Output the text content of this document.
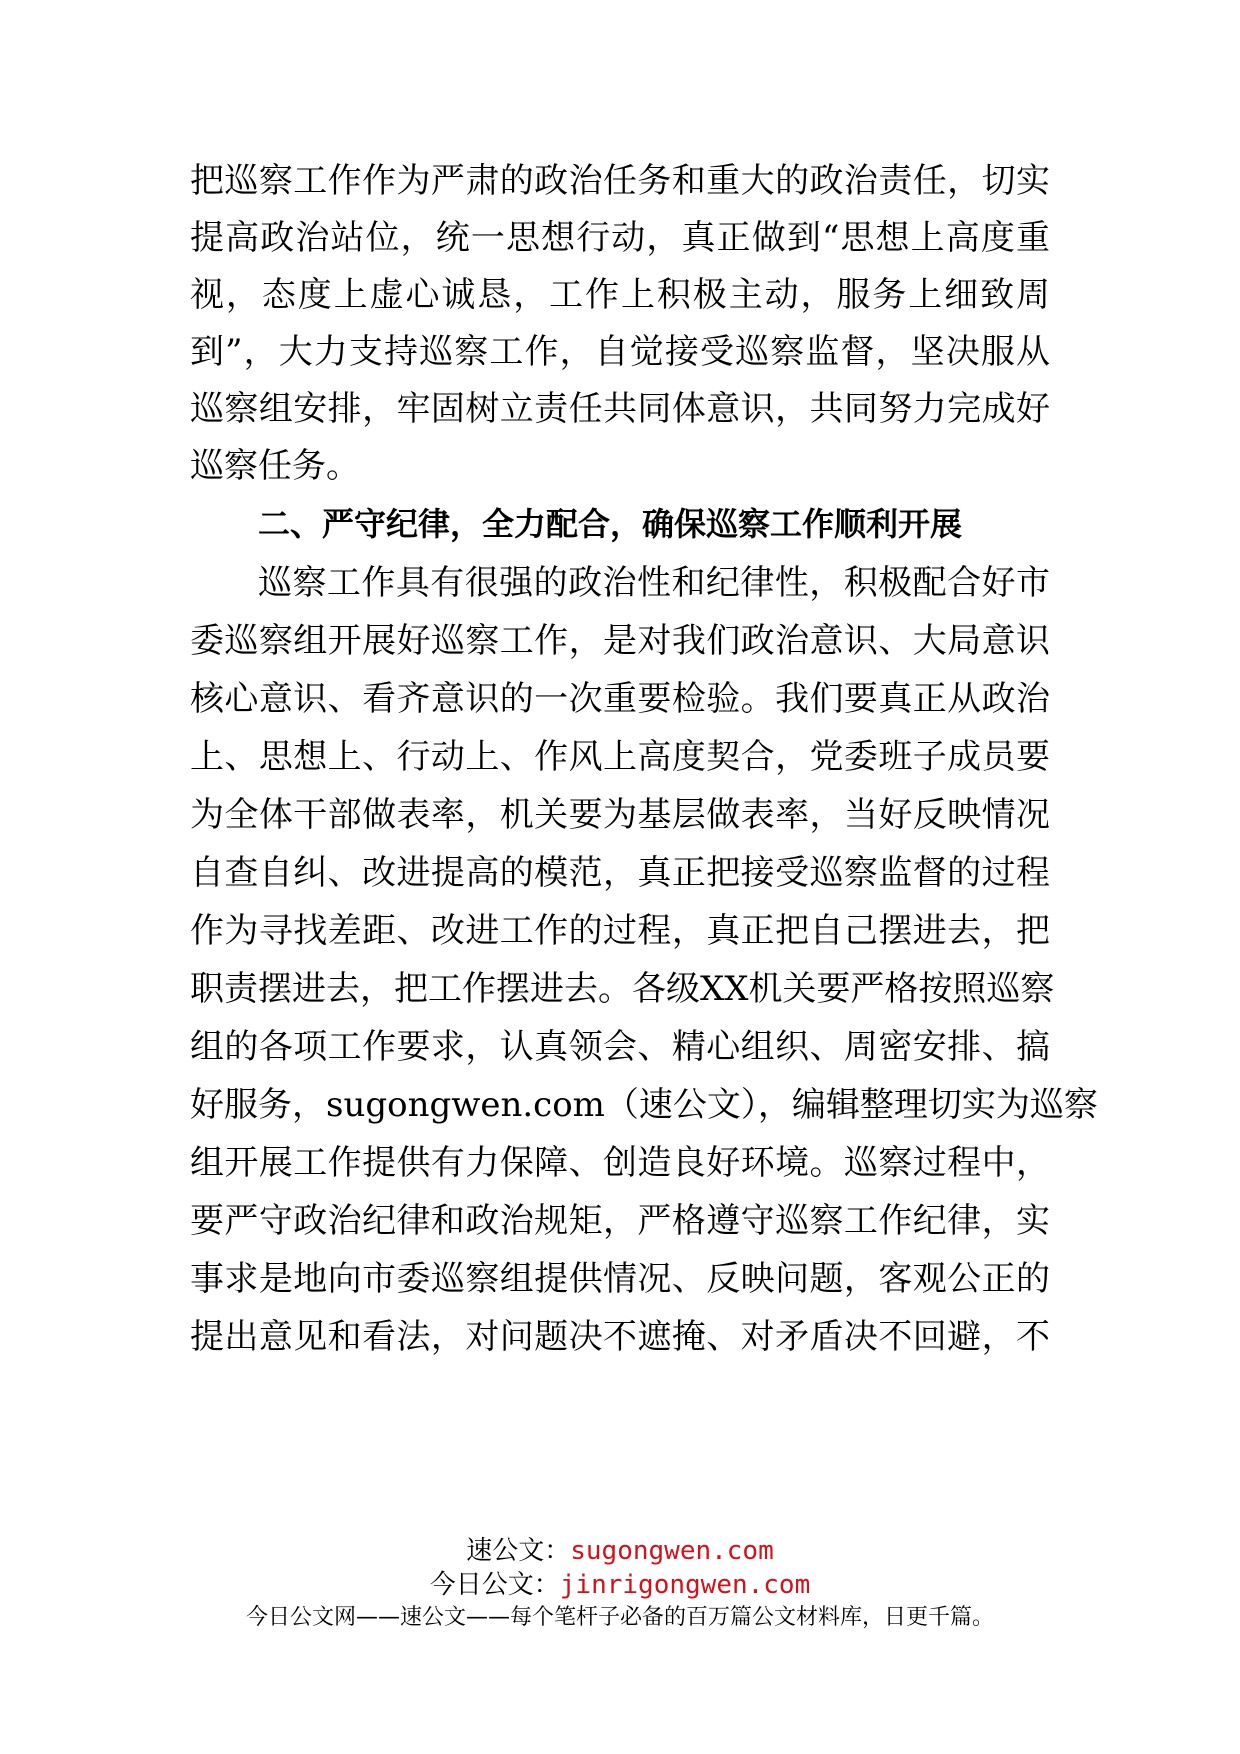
把巡察工作作为严肃的政治任务和重大的政治责任，切实
提高政治站位，统一思想行动，真正做到“思想上高度重
视，态度上虚心诚恳，工作上积极主动，服务上细致周
到”，大力支持巡察工作，自觉接受巡察监督，坚决服从
巡察组安排，牢固树立责任共同体意识，共同努力完成好
巡察任务。
二、严守纪律，全力配合，确保巡察工作顺利开展
巡察工作具有很强的政治性和纪律性，积极配合好市
委巡察组开展好巡察工作，是对我们政治意识、大局意识
核心意识、看齐意识的一次重要检验。我们要真正从政治
上、思想上、行动上、作风上高度契合，党委班子成员要
为全体干部做表率，机关要为基层做表率，当好反映情况
自查自纠、改进提高的模范，真正把接受巡察监督的过程
作为寻找差距、改进工作的过程，真正把自己摆进去，把
职责摆进去，把工作摆进去。各级XX机关要严格按照巡察
组的各项工作要求，认真领会、精心组织、周密安排、搞
好服务，sugongwen.com（速公文），编辑整理切实为巡察
组开展工作提供有力保障、创造良好环境。巡察过程中，
要严守政治纪律和政治规矩，严格遵守巡察工作纪律，实
事求是地向市委巡察组提供情况、反映问题，客观公正的
提出意见和看法，对问题决不遮掩、对矛盾决不回避，不
速公文：sugongwen.com
今日公文：jinrigongwen.com
今日公文网——速公文——每个笔杆子必备的百万篇公文材料库，日更千篇。
